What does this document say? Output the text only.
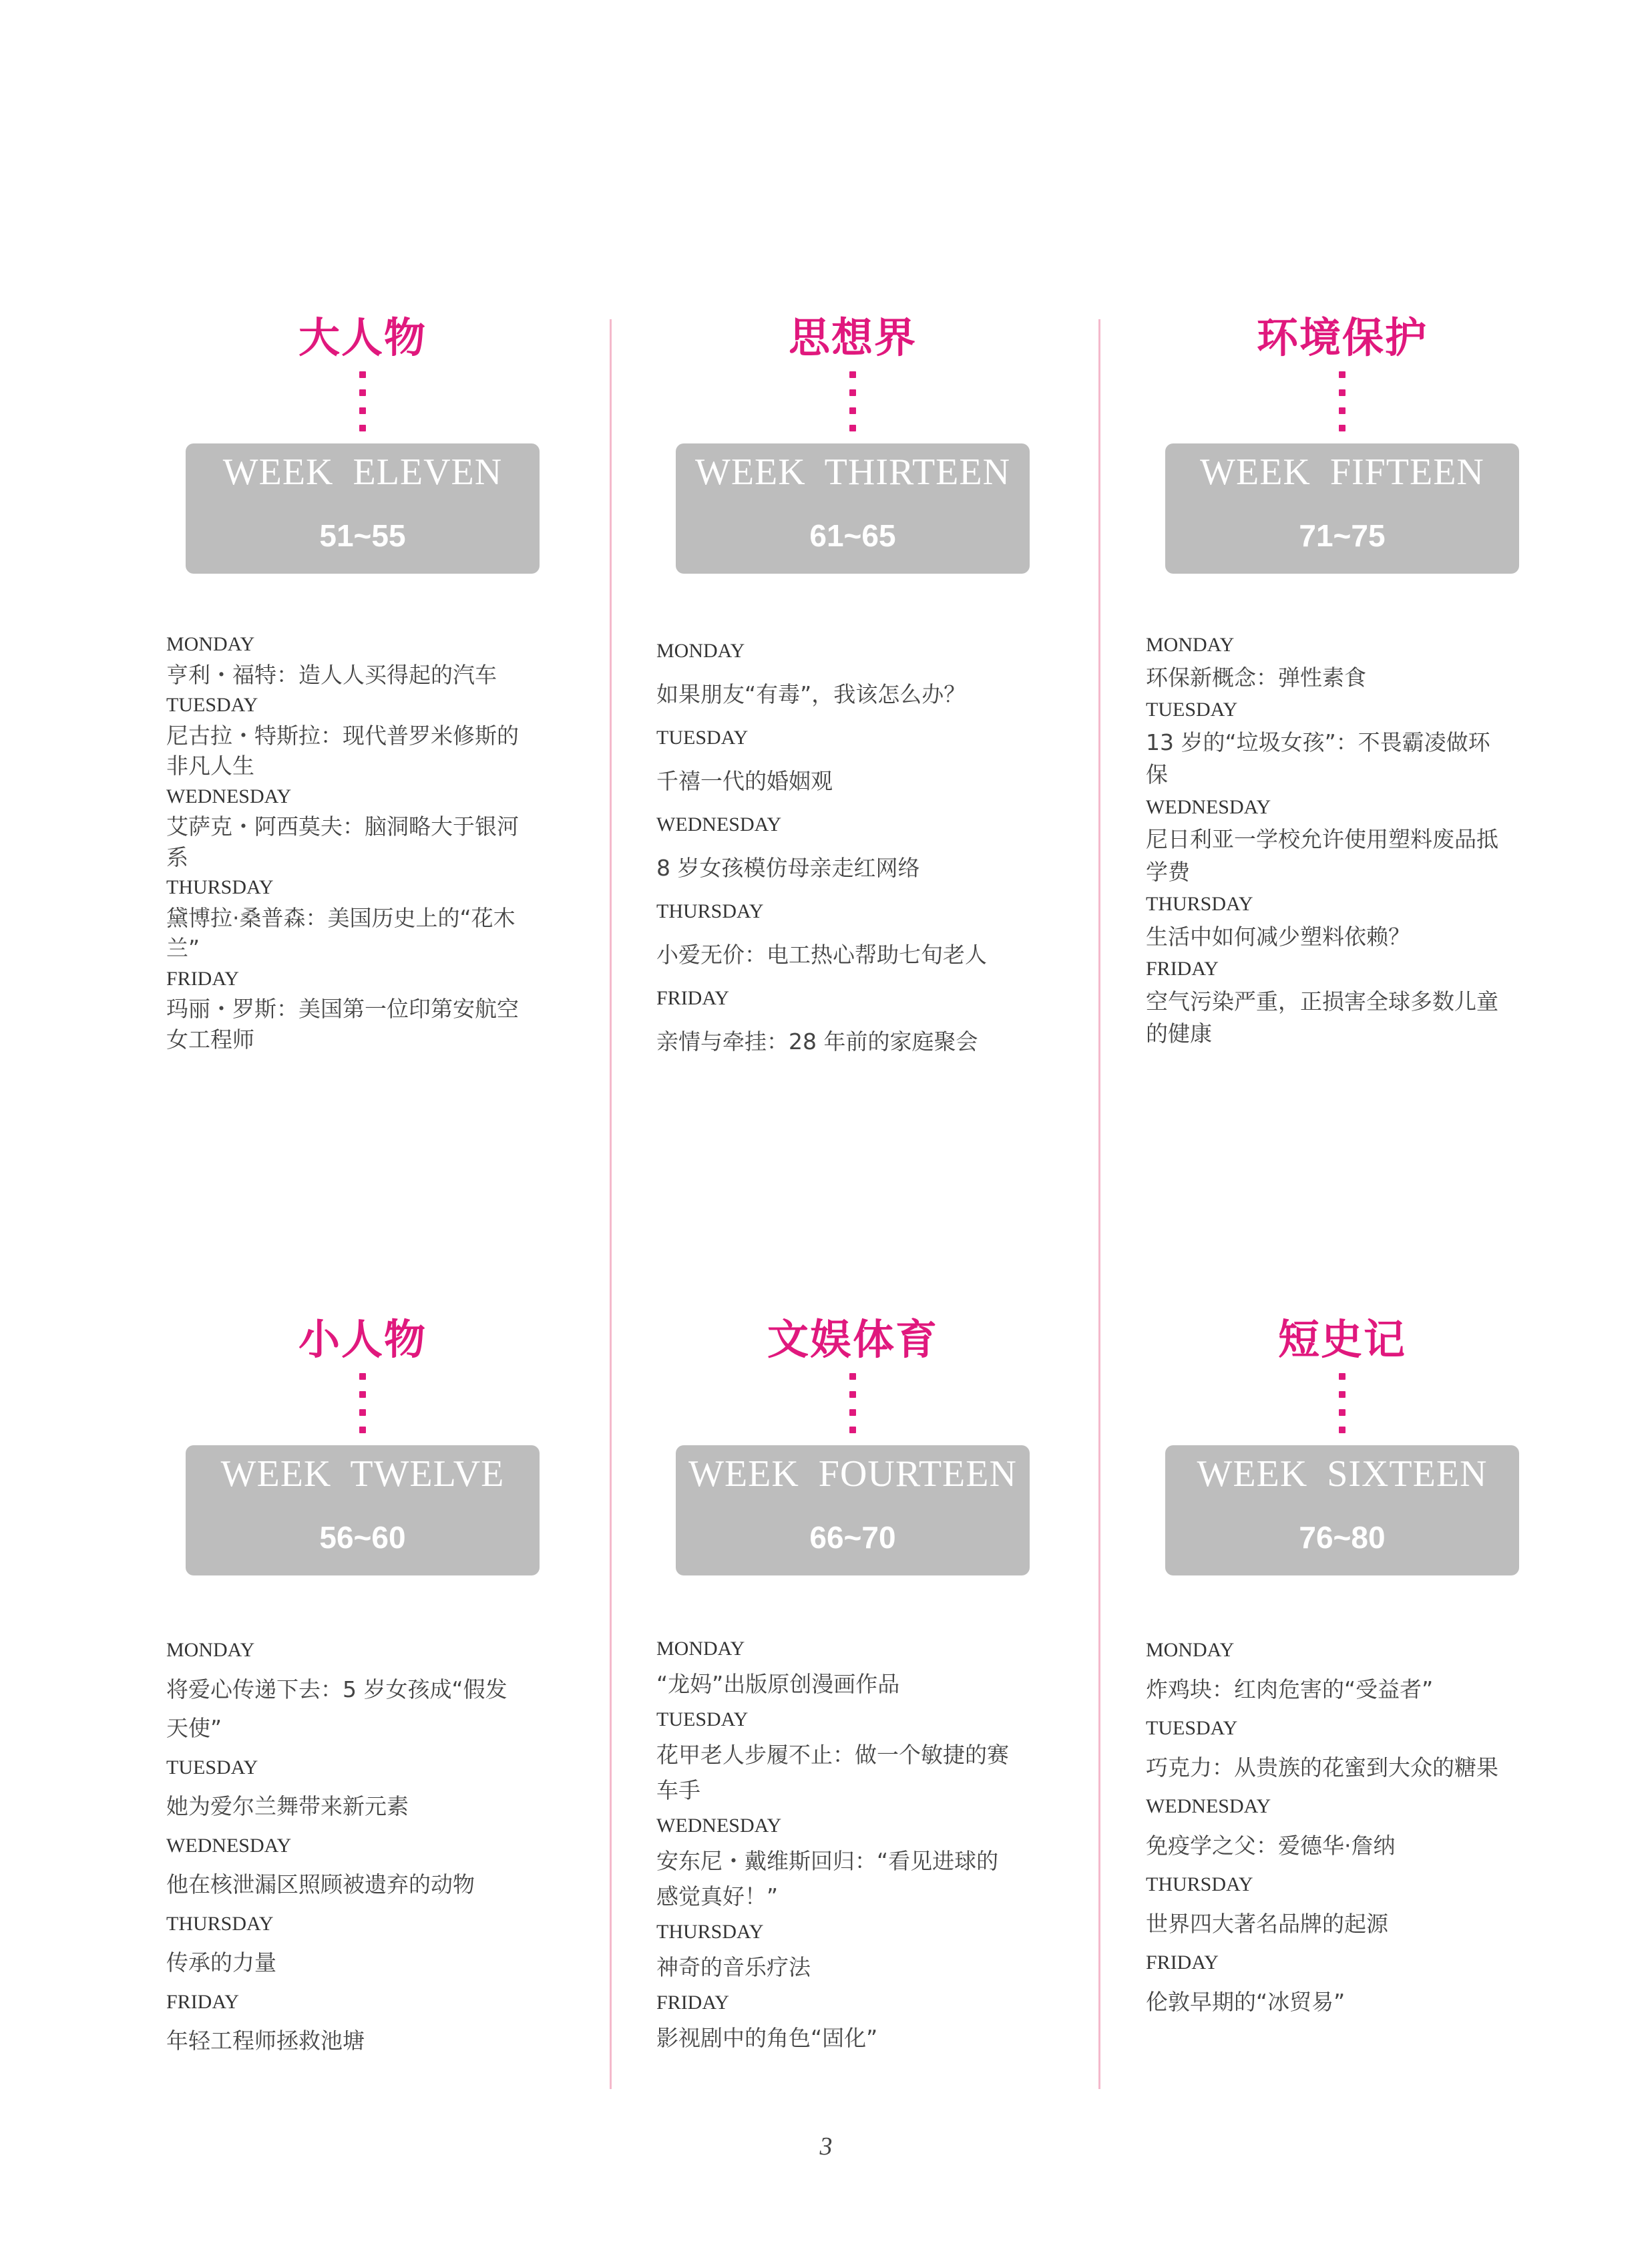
大人物
WEEK ELEVEN
51~55
MONDAY
亨利・福特：造人人买得起的汽车
TUESDAY
尼古拉・特斯拉：现代普罗米修斯的非凡人生
WEDNESDAY
艾萨克・阿西莫夫：脑洞略大于银河系
THURSDAY
黛博拉·桑普森：美国历史上的“花木兰”
FRIDAY
玛丽・罗斯：美国第一位印第安航空女工程师
思想界
WEEK THIRTEEN
61~65
MONDAY
如果朋友“有毒”，我该怎么办？
TUESDAY
千禧一代的婚姻观
WEDNESDAY
8 岁女孩模仿母亲走红网络
THURSDAY
小爱无价：电工热心帮助七旬老人
FRIDAY
亲情与牵挂：28 年前的家庭聚会
环境保护
WEEK FIFTEEN
71~75
MONDAY
环保新概念：弹性素食
TUESDAY
13 岁的“垃圾女孩”：不畏霸凌做环保
WEDNESDAY
尼日利亚一学校允许使用塑料废品抵学费
THURSDAY
生活中如何减少塑料依赖？
FRIDAY
空气污染严重，正损害全球多数儿童的健康
小人物
WEEK TWELVE
56~60
MONDAY
将爱心传递下去：5 岁女孩成“假发天使”
TUESDAY
她为爱尔兰舞带来新元素
WEDNESDAY
他在核泄漏区照顾被遗弃的动物
THURSDAY
传承的力量
FRIDAY
年轻工程师拯救池塘
文娱体育
WEEK FOURTEEN
66~70
MONDAY
“龙妈”出版原创漫画作品
TUESDAY
花甲老人步履不止：做一个敏捷的赛车手
WEDNESDAY
安东尼・戴维斯回归：“看见进球的感觉真好！”
THURSDAY
神奇的音乐疗法
FRIDAY
影视剧中的角色“固化”
短史记
WEEK SIXTEEN
76~80
MONDAY
炸鸡块：红肉危害的“受益者”
TUESDAY
巧克力：从贵族的花蜜到大众的糖果
WEDNESDAY
免疫学之父：爱德华·詹纳
THURSDAY
世界四大著名品牌的起源
FRIDAY
伦敦早期的“冰贸易”
3
